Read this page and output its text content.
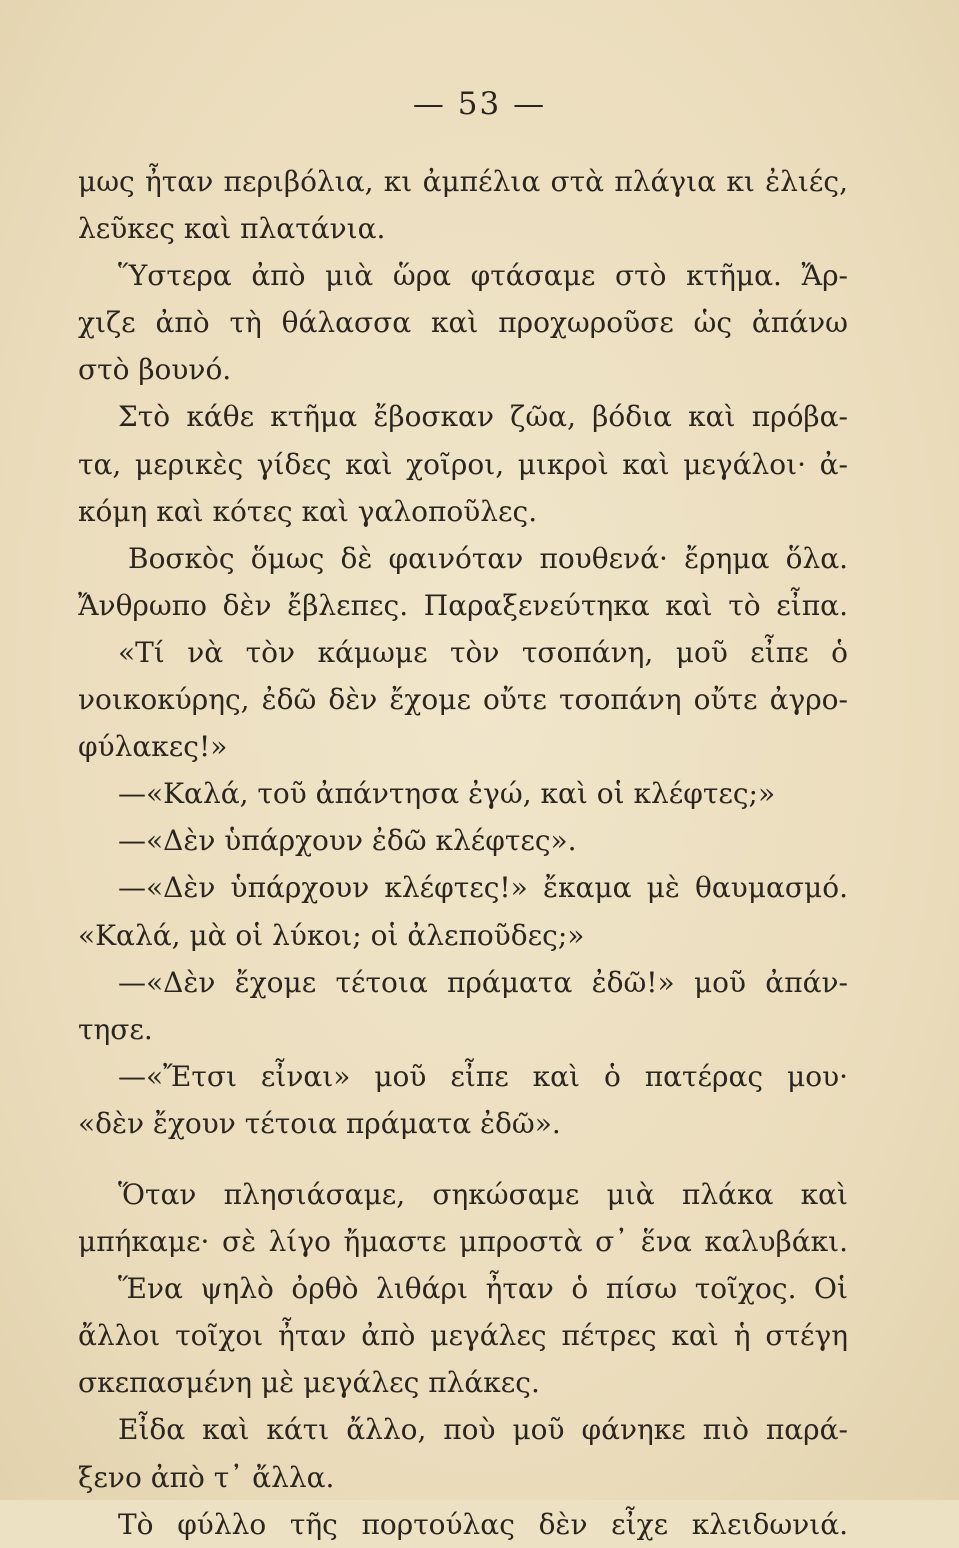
— 53 —
μως ἦταν περιβόλια, κι ἀμπέλια στὰ πλάγια κι ἐλιές,
λεῦκες καὶ πλατάνια.
Ὕστερα ἀπὸ μιὰ ὥρα φτάσαμε στὸ κτῆμα. Ἄρ-
χιζε ἀπὸ τὴ θάλασσα καὶ προχωροῦσε ὡς ἀπάνω
στὸ βουνό.
Στὸ κάθε κτῆμα ἔβοσκαν ζῶα, βόδια καὶ πρόβα-
τα, μερικὲς γίδες καὶ χοῖροι, μικροὶ καὶ μεγάλοι· ἀ-
κόμη καὶ κότες καὶ γαλοποῦλες.
Βοσκὸς ὅμως δὲ φαινόταν πουθενά· ἔρημα ὅλα.
Ἄνθρωπο δὲν ἔβλεπες. Παραξενεύτηκα καὶ τὸ εἶπα.
«Τί νὰ τὸν κάμωμε τὸν τσοπάνη, μοῦ εἶπε ὁ
νοικοκύρης, ἐδῶ δὲν ἔχομε οὔτε τσοπάνη οὔτε ἀγρο-
φύλακες!»
—«Καλά, τοῦ ἀπάντησα ἐγώ, καὶ οἱ κλέφτες;»
—«Δὲν ὑπάρχουν ἐδῶ κλέφτες».
—«Δὲν ὑπάρχουν κλέφτες!» ἔκαμα μὲ θαυμασμό.
«Καλά, μὰ οἱ λύκοι; οἱ ἀλεποῦδες;»
—«Δὲν ἔχομε τέτοια πράματα ἐδῶ!» μοῦ ἀπάν-
τησε.
—«Ἔτσι εἶναι» μοῦ εἶπε καὶ ὁ πατέρας μου·
«δὲν ἔχουν τέτοια πράματα ἐδῶ».
Ὅταν πλησιάσαμε, σηκώσαμε μιὰ πλάκα καὶ
μπήκαμε· σὲ λίγο ἤμαστε μπροστὰ σ᾽ ἕνα καλυβάκι.
Ἕνα ψηλὸ ὀρθὸ λιθάρι ἦταν ὁ πίσω τοῖχος. Οἱ
ἄλλοι τοῖχοι ἦταν ἀπὸ μεγάλες πέτρες καὶ ἡ στέγη
σκεπασμένη μὲ μεγάλες πλάκες.
Εἶδα καὶ κάτι ἄλλο, ποὺ μοῦ φάνηκε πιὸ παρά-
ξενο ἀπὸ τ᾽ ἄλλα.
Τὸ φύλλο τῆς πορτούλας δὲν εἶχε κλειδωνιά.
